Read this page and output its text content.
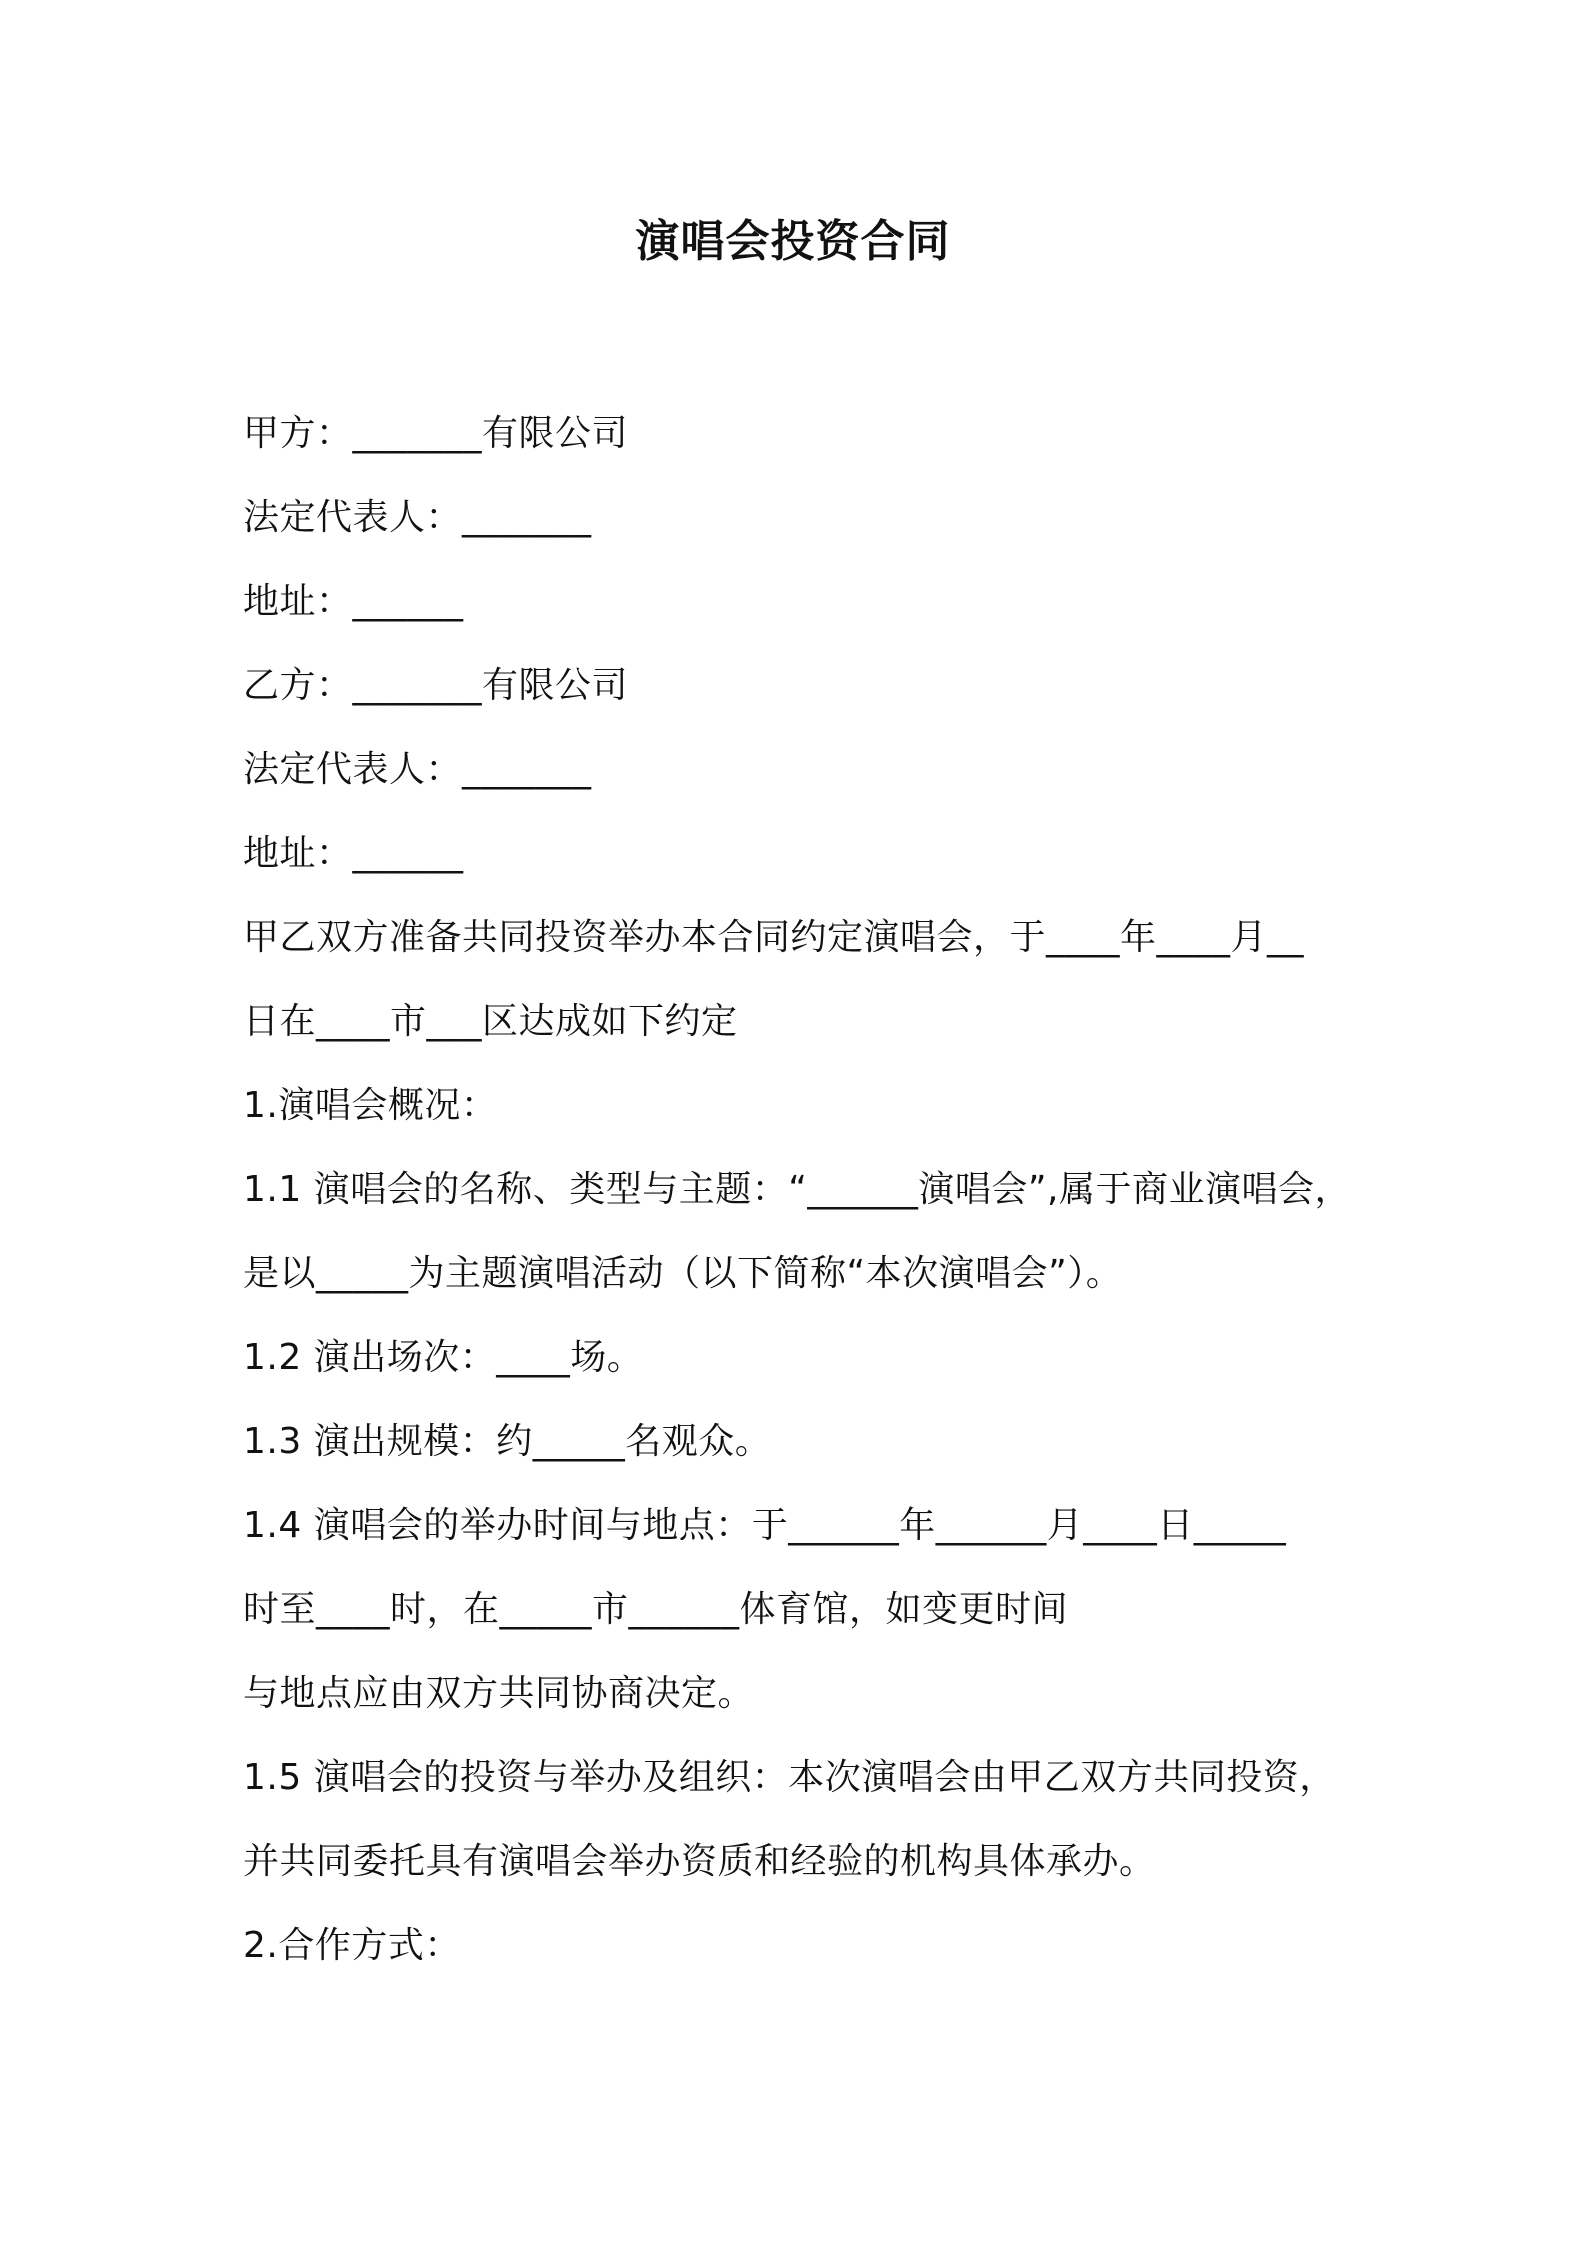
演唱会投资合同
甲方：_______有限公司
法定代表人：_______
地址：______
乙方：_______有限公司
法定代表人：_______
地址：______
甲乙双方准备共同投资举办本合同约定演唱会，于____年____月__
日在____市___区达成如下约定
1.演唱会概况：
1.1 演唱会的名称、类型与主题：“______演唱会”,属于商业演唱会，
是以_____为主题演唱活动（以下简称“本次演唱会”）。
1.2 演出场次：____场。
1.3 演出规模：约_____名观众。
1.4 演唱会的举办时间与地点：于______年______月____日_____
时至____时，在_____市______体育馆，如变更时间
与地点应由双方共同协商决定。
1.5 演唱会的投资与举办及组织：本次演唱会由甲乙双方共同投资，
并共同委托具有演唱会举办资质和经验的机构具体承办。
2.合作方式：
